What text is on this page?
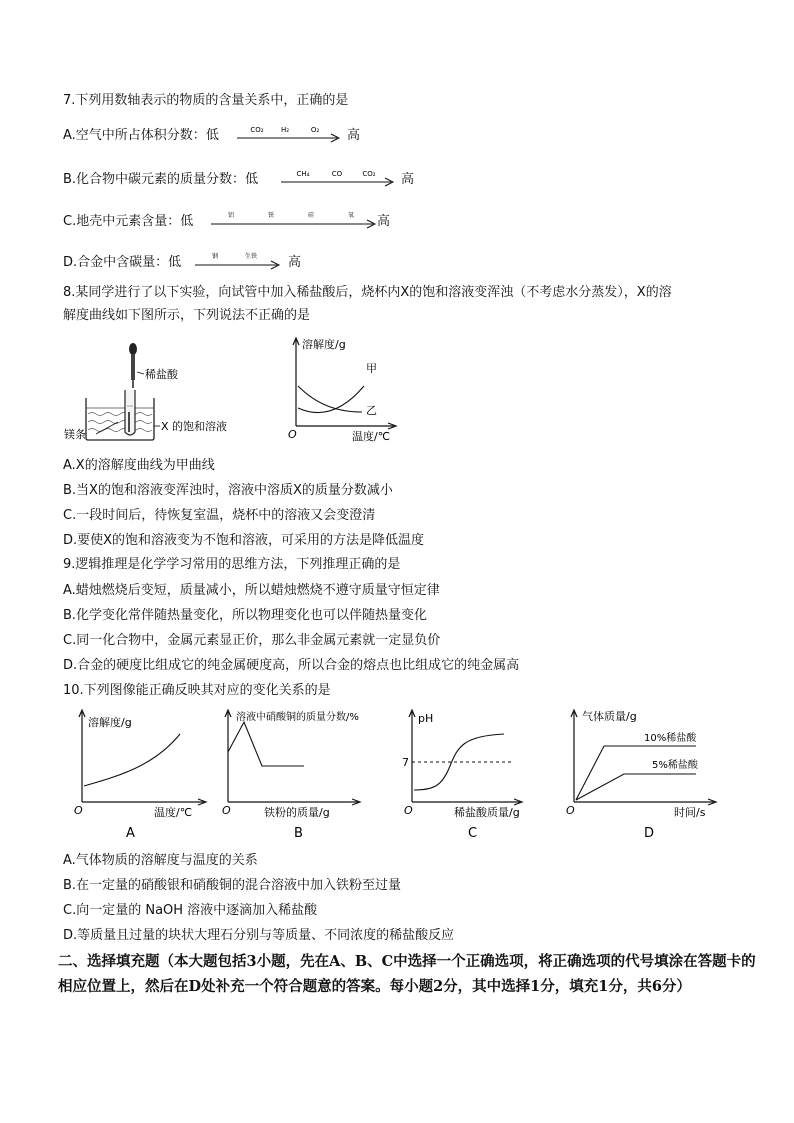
7.下列用数轴表示的物质的含量关系中，正确的是
A.空气中所占体积分数：低	CO₂ H₂	O₂ 高
B.化合物中碳元素的质量分数：低	CH₄	CO	CO₂ 高
C.地壳中元素含量：低	铝	铁	硅	氧 高
D.合金中含碳量：低	钢	生铁 高
8.某同学进行了以下实验，向试管中加入稀盐酸后，烧杯内X的饱和溶液变浑浊（不考虑水分蒸发），X的溶
解度曲线如下图所示，下列说法不正确的是
稀盐酸
镁条
X 的饱和溶液
溶解度/g
O	温度/℃
甲
乙
A.X的溶解度曲线为甲曲线
B.当X的饱和溶液变浑浊时，溶液中溶质X的质量分数减小
C.一段时间后，待恢复室温，烧杯中的溶液又会变澄清
D.要使X的饱和溶液变为不饱和溶液，可采用的方法是降低温度
9.逻辑推理是化学学习常用的思维方法，下列推理正确的是
A.蜡烛燃烧后变短，质量减小，所以蜡烛燃烧不遵守质量守恒定律
B.化学变化常伴随热量变化，所以物理变化也可以伴随热量变化
C.同一化合物中，金属元素显正价，那么非金属元素就一定显负价
D.合金的硬度比组成它的纯金属硬度高，所以合金的熔点也比组成它的纯金属高
10.下列图像能正确反映其对应的变化关系的是
溶解度/g
O	温度/℃
A
溶液中硝酸铜的质量分数/%
O	铁粉的质量/g
B
pH
7
O	稀盐酸质量/g
C
气体质量/g
O	时间/s
10%稀盐酸
5%稀盐酸
D
A.气体物质的溶解度与温度的关系
B.在一定量的硝酸银和硝酸铜的混合溶液中加入铁粉至过量
C.向一定量的 NaOH 溶液中逐滴加入稀盐酸
D.等质量且过量的块状大理石分别与等质量、不同浓度的稀盐酸反应
二、选择填充题（本大题包括3小题，先在A、B、C中选择一个正确选项，将正确选项的代号填涂在答题卡的相应位置上，然后在D处补充一个符合题意的答案。每小题2分，其中选择1分，填充1分，共6分）
